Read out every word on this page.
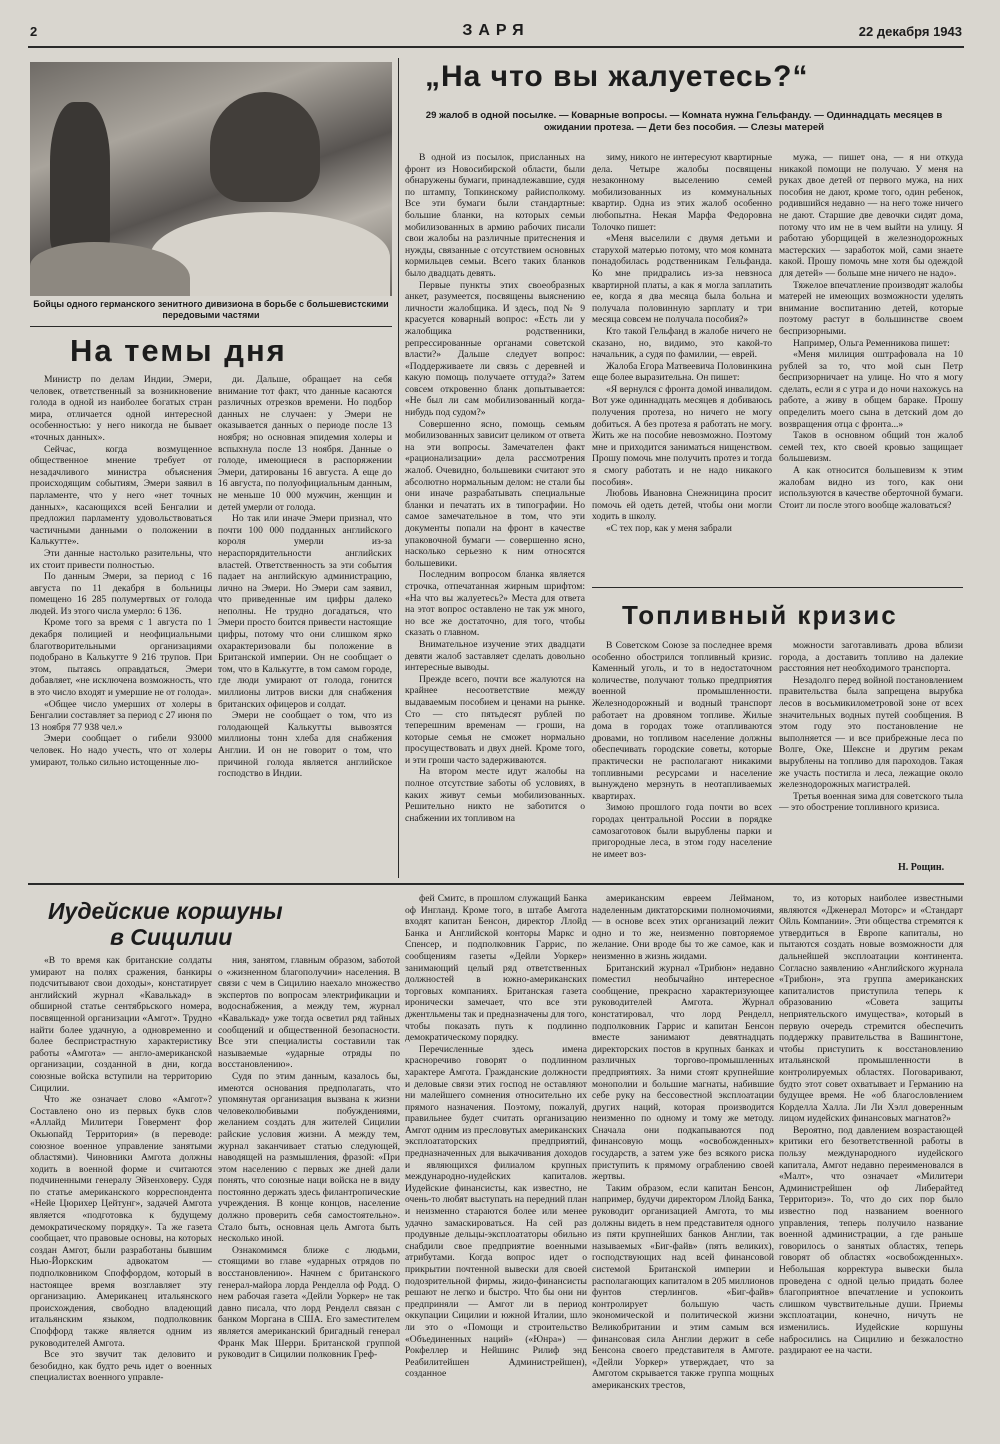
2	ЗАРЯ	22 декабря 1943
Бойцы одного германского зенитного дивизиона в борьбе с большевистскими передовыми частями
На темы дня

Министр по делам Индии, Эмери, человек, ответственный за возникновение голода в одной из наиболее богатых стран мира, отличается одной интересной особенностью: у него никогда не бывает «точных данных».

Сейчас, когда возмущенное общественное мнение требует от незадачливого министра объяснения происходящим событиям, Эмери заявил в парламенте, что у него «нет точных данных», касающихся всей Бенгалии и предложил парламенту удовольствоваться частичными данными о положении в Калькутте».

Эти данные настолько разительны, что их стоит привести полностью.

По данным Эмери, за период с 16 августа по 11 декабря в больницы помещено 16 285 полумертвых от голода людей. Из этого числа умерло: 6 136.

Кроме того за время с 1 августа по 1 декабря полицией и неофициальными благотворительными организациями подобрано в Калькутте 9 216 трупов. При этом, пытаясь оправдаться, Эмери добавляет, «не исключена возможность, что в это число входят и умершие не от голода».

«Общее число умерших от холеры в Бенгалии составляет за период с 27 июня по 13 ноября 77 938 чел.»

Эмери сообщает о гибели 93000 человек. Но надо учесть, что от холеры умирают, только сильно истощенные лю-

ди. Дальше, обращает на себя внимание тот факт, что данные касаются различных отрезков времени. Но подбор данных не случаен: у Эмери не оказывается данных о периоде после 13 ноября; но основная эпидемия холеры и вспыхнула после 13 ноября. Данные о голоде, имеющиеся в распоряжении Эмери, датированы 16 августа. А еще до 16 августа, по полуофициальным данным, не меньше 10 000 мужчин, женщин и детей умерли от голода.

Но так или иначе Эмери признал, что почти 100 000 подданных английского короля умерли из-за нераспорядительности английских властей. Ответственность за эти события падает на английскую администрацию, лично на Эмери. Но Эмери сам заявил, что приведенные им цифры далеко неполны. Не трудно догадаться, что Эмери просто боится привести настоящие цифры, потому что они слишком ярко охарактеризовали бы положение в Британской империи. Он не сообщает о том, что в Калькутте, в том самом городе, где люди умирают от голода, гонится миллионы литров виски для снабжения британских офицеров и солдат.

Эмери не сообщает о том, что из голодающей Калькутты вывозятся миллионы тонн хлеба для снабжения Англии. И он не говорит о том, что причиной голода является английское господство в Индии.

„На что вы жалуетесь?“
29 жалоб в одной посылке. — Коварные вопросы. — Комната нужна Гельфанду. — Одиннадцать месяцев в ожидании протеза. — Дети без пособия. — Слезы матерей

В одной из посылок, присланных на фронт из Новосибирской области, были обнаружены бумаги, принадлежавшие, судя по штампу, Топкинскому райисполкому. Все эти бумаги были стандартные: большие бланки, на которых семьи мобилизованных в армию рабочих писали свои жалобы на различные притеснения и нужды, связанные с отсутствием основных кормильцев семьи. Всего таких бланков было двадцать девять.

Первые пункты этих своеобразных анкет, разумеется, посвящены выяснению личности жалобщика. И здесь, под № 9 красуется коварный вопрос: «Есть ли у жалобщика родственники, репрессированные органами советской власти?» Дальше следует вопрос: «Поддерживаете ли связь с деревней и какую помощь получаете оттуда?» Затем совсем откровенно бланк допытывается: «Не был ли сам мобилизованный когда-нибудь под судом?»

Совершенно ясно, помощь семьям мобилизованных зависит целиком от ответа на эти вопросы. Замечателен факт «рационализации» дела рассмотрения жалоб. Очевидно, большевики считают это абсолютно нормальным делом: не стали бы они иначе разрабатывать специальные бланки и печатать их в типографии. Но самое замечательное в том, что эти документы попали на фронт в качестве упаковочной бумаги — совершенно ясно, насколько серьезно к ним относятся большевики.

Последним вопросом бланка является строчка, отпечатанная жирным шрифтом: «На что вы жалуетесь?» Места для ответа на этот вопрос оставлено не так уж много, но все же достаточно, для того, чтобы сказать о главном.

Внимательное изучение этих двадцати девяти жалоб заставляет сделать довольно интересные выводы.

Прежде всего, почти все жалуются на крайнее несоответствие между выдаваемым пособием и ценами на рынке. Сто — сто пятьдесят рублей по теперешним временам — гроши, на которые семья не сможет нормально просуществовать и двух дней. Кроме того, и эти гроши часто задерживаются.

На втором месте идут жалобы на полное отсутствие заботы об условиях, в каких живут семьи мобилизованных. Решительно никто не заботится о снабжении их топливом на

зиму, никого не интересуют квартирные дела. Четыре жалобы посвящены незаконному выселению семей мобилизованных из коммунальных квартир. Одна из этих жалоб особенно любопытна. Некая Марфа Федоровна Толочко пишет:

«Меня выселили с двумя детьми и старухой матерью потому, что моя комната понадобилась родственникам Гельфанда. Ко мне придрались из-за невзноса квартирной платы, а как я могла заплатить ее, когда я два месяца была больна и получала половинную зарплату и три месяца совсем не получала пособия?»

Кто такой Гельфанд в жалобе ничего не сказано, но, видимо, это какой-то начальник, а судя по фамилии, — еврей.

Жалоба Егора Матвеевича Половинкина еще более выразительна. Он пишет:

«Я вернулся с фронта домой инвалидом. Вот уже одиннадцать месяцев я добиваюсь получения протеза, но ничего не могу добиться. А без протеза я работать не могу. Жить же на пособие невозможно. Поэтому мне и приходится заниматься нищенством. Прошу помочь мне получить протез и тогда я смогу работать и не надо никакого пособия».

Любовь Ивановна Снежницина просит помочь ей одеть детей, чтобы они могли ходить в школу.

«С тех пор, как у меня забрали

мужа, — пишет она, — я ни откуда никакой помощи не получаю. У меня на руках двое детей от первого мужа, на них пособия не дают, кроме того, один ребенок, родившийся недавно — на него тоже ничего не дают. Старшие две девочки сидят дома, потому что им не в чем выйти на улицу. Я работаю уборщицей в железнодорожных мастерских — заработок мой, сами знаете какой. Прошу помочь мне хотя бы одеждой для детей» — больше мне ничего не надо».

Тяжелое впечатление производят жалобы матерей не имеющих возможности уделять внимание воспитанию детей, которые поэтому растут в большинстве своем беспризорными.

Например, Ольга Ременникова пишет:

«Меня милиция оштрафовала на 10 рублей за то, что мой сын Петр беспризорничает на улице. Но что я могу сделать, если я с утра и до ночи нахожусь на работе, а живу в общем бараке. Прошу определить моего сына в детский дом до возвращения отца с фронта...»

Таков в основном общий тон жалоб семей тех, кто своей кровью защищает большевизм.

А как относится большевизм к этим жалобам видно из того, как они используются в качестве оберточной бумаги. Стоит ли после этого вообще жаловаться?

Топливный кризис

В Советском Союзе за последнее время особенно обострился топливный кризис. Каменный уголь, и то в недостаточном количестве, получают только предприятия военной промышленности. Железнодорожный и водный транспорт работает на дровяном топливе. Жилые дома в городах тоже отапливаются дровами, но топливом население должны обеспечивать городские советы, которые практически не располагают никакими топливными ресурсами и население вынуждено мерзнуть в неотапливаемых квартирах.

Зимою прошлого года почти во всех городах центральной России в порядке самозаготовок были вырублены парки и пригородные леса, в этом году население не имеет воз-

можности заготавливать дрова вблизи города, а доставить топливо на далекие расстояния нет необходимого транспорта.

Незадолго перед войной постановлением правительства была запрещена вырубка лесов в восьмикилометровой зоне от всех значительных водных путей сообщения. В этом году это постановление не выполняется — и все прибрежные леса по Волге, Оке, Шексне и другим рекам вырублены на топливо для пароходов. Такая же участь постигла и леса, лежащие около железнодорожных магистралей.

Третья военная зима для советского тыла — это обострение топливного кризиса.

Н. Рощин.
Иудейские коршуны
в Сицилии

«В то время как британские солдаты умирают на полях сражения, банкиры подсчитывают свои доходы», констатирует английский журнал «Кавалькад» в обширной статье сентябрьского номера, посвященной организации «Амгот». Трудно найти более удачную, а одновременно и более беспристрастную характеристику работы «Амгота» — англо-американской организации, созданной в дни, когда союзные войска вступили на территорию Сицилии.

Что же означает слово «Амгот»? Составлено оно из первых букв слов «Аллайд Милитери Говермент фор Окьюпайд Территория» (в переводе: союзное военное управление занятыми областями). Чиновники Амгота должны ходить в военной форме и считаются подчиненными генералу Эйзенховеру. Судя по статье американского корреспондента «Нейе Цюрихер Цейтунг», задачей Амгота является «подготовка к будущему демократическому порядку». Та же газета сообщает, что правовые основы, на которых создан Амгот, были разработаны бывшим Нью-Йоркским адвокатом — подполковником Споффордом, который в настоящее время возглавляет эту организацию. Американец итальянского происхождения, свободно владеющий итальянским языком, подполковник Споффорд также является одним из руководителей Амгота.

Все это звучит так деловито и безобидно, как будто речь идет о военных специалистах военного управле-

ния, занятом, главным образом, заботой о «жизненном благополучии» населения. В связи с чем в Сицилию наехало множество экспертов по вопросам электрификации и водоснабжения, а между тем, журнал «Кавалькад» уже тогда осветил ряд тайных сообщений и общественной безопасности. Все эти специалисты составили так называемые «ударные отряды по восстановлению».

Судя по этим данным, казалось бы, имеются основания предполагать, что упомянутая организация вызвана к жизни человеколюбивыми побуждениями, желанием создать для жителей Сицилии райские условия жизни. А между тем, журнал заканчивает статью следующей, наводящей на размышления, фразой: «При этом населению с первых же дней дали понять, что союзные наци войска не в виду постоянно держать здесь филантропические учреждения. В конце концов, население должно проверить себя самостоятельно». Стало быть, основная цель Амгота быть несколько иной.

Ознакомимся ближе с людьми, стоящими во главе «ударных отрядов по восстановлению». Начнем с британского генерал-майора лорда Ренделла оф Родд. О нем рабочая газета «Дейли Уоркер» не так давно писала, что лорд Ренделл связан с банком Моргана в США. Его заместителем является американский бригадный генерал Франк Мак Шерри. Британской группой руководит в Сицилии полковник Греф-

фей Смитс, в прошлом служащий Банка оф Ингланд. Кроме того, в штабе Амгота входят капитан Бенсон, директор Ллойд Банка и Английской конторы Маркс и Спенсер, и подполковник Гаррис, по сообщениям газеты «Дейли Уоркер» занимающий целый ряд ответственных должностей в южно-американских торговых компаниях. Британская газета иронически замечает, что все эти джентльмены так и предназначены для того, чтобы показать путь к подлинно демократическому порядку.

Перечисленные здесь имена красноречиво говорят о подлинном характере Амгота. Гражданские должности и деловые связи этих господ не оставляют ни малейшего сомнения относительно их прямого назначения. Поэтому, пожалуй, правильнее будет считать организацию Амгот одним из пресловутых американских эксплоататорских предприятий, предназначенных для выкачивания доходов и являющихся филиалом крупных международно-иудейских капиталов. Иудейские финансисты, как известно, не очень-то любят выступать на передний план и неизменно стараются более или менее удачно замаскироваться. На сей раз продувные дельцы-эксплоататоры обильно снабдили свое предприятие военными атрибутами. Когда вопрос идет о прикрытии почтенной вывески для своей подозрительной фирмы, жидо-финансисты решают не легко и быстро. Что бы они ни предприняли — Амгот ли в период оккупации Сицилии и южной Италии, шло ли это о «Помощи и строительство «Объединенных наций» («Юнра») — Рокфеллер и Нейшинс Рилиф энд Реабилитейшен Администрейшен), созданное

американским евреем Лейманом, наделенным диктаторскими полномочиями, — в основе всех этих организаций лежит одно и то же, неизменно повторяемое желание. Они вроде бы то же самое, как и неизменно в жизнь жидами.

Британский журнал «Трибюн» недавно поместил необычайно интересное сообщение, прекрасно характеризующее руководителей Амгота. Журнал констатировал, что лорд Ренделл, подполковник Гаррис и капитан Бенсон вместе занимают девятнадцать директорских постов в крупных банках и различных торгово-промышленных предприятиях. За ними стоят крупнейшие монополии и большие магнаты, набившие себе руку на бессовестной эксплоатации других наций, которая производится неизменно по одному и тому же методу. Сначала они подкапываются под финансовую мощь «освобожденных» государств, а затем уже без всякого риска приступить к прямому ограблению своей жертвы.

Таким образом, если капитан Бенсон, например, будучи директором Ллойд Банка, руководит организацией Амгота, то мы должны видеть в нем представителя одного из пяти крупнейших банков Англии, так называемых «Биг-файв» (пять великих), господствующих над всей финансовой системой Британской империи и располагающих капиталом в 205 миллионов фунтов стерлингов. «Биг-файв» контролирует большую часть экономической и политической жизни Великобритании и этим самым вся финансовая сила Англии держит в себе Бенсона своего представителя в Амготе. «Дейли Уоркер» утверждает, что за Амготом скрывается также группа мощных американских трестов,

то, из которых наиболее известными являются «Дженерал Моторс» и «Стандарт Ойль Компании». Эти общества стремятся к утвердиться в Европе капиталы, но пытаются создать новые возможности для дальнейшей эксплоатации континента. Согласно заявлению «Английского журнала «Трибюн», эта группа американских капиталистов приступила теперь к образованию «Совета защиты неприятельского имущества», который в первую очередь стремится обеспечить поддержку правительства в Вашингтоне, чтобы приступить к восстановлению итальянской промышленности в контролируемых областях. Поговаривают, будто этот совет охватывает и Германию на будущее время. Не «об благословлением Корделла Халла. Ли Ли Хэлл доверенным лицом иудейских финансовых магнатов?»

Вероятно, под давлением возрастающей критики его безответственной работы в пользу международного иудейского капитала, Амгот недавно переименовался в «Малт», что означает «Милитери Администрейшен оф Либерайтед Территориэ». То, что до сих пор было известно под названием военного управления, теперь получило название военной администрации, а где раньше говорилось о занятых областях, теперь говорят об областях «освобожденных». Небольшая корректура вывески была проведена с одной целью придать более благоприятное впечатление и успокоить слишком чувствительные души. Приемы эксплоатации, конечно, ничуть не изменились. Иудейские коршуны набросились на Сицилию и безжалостно раздирают ее на части.
